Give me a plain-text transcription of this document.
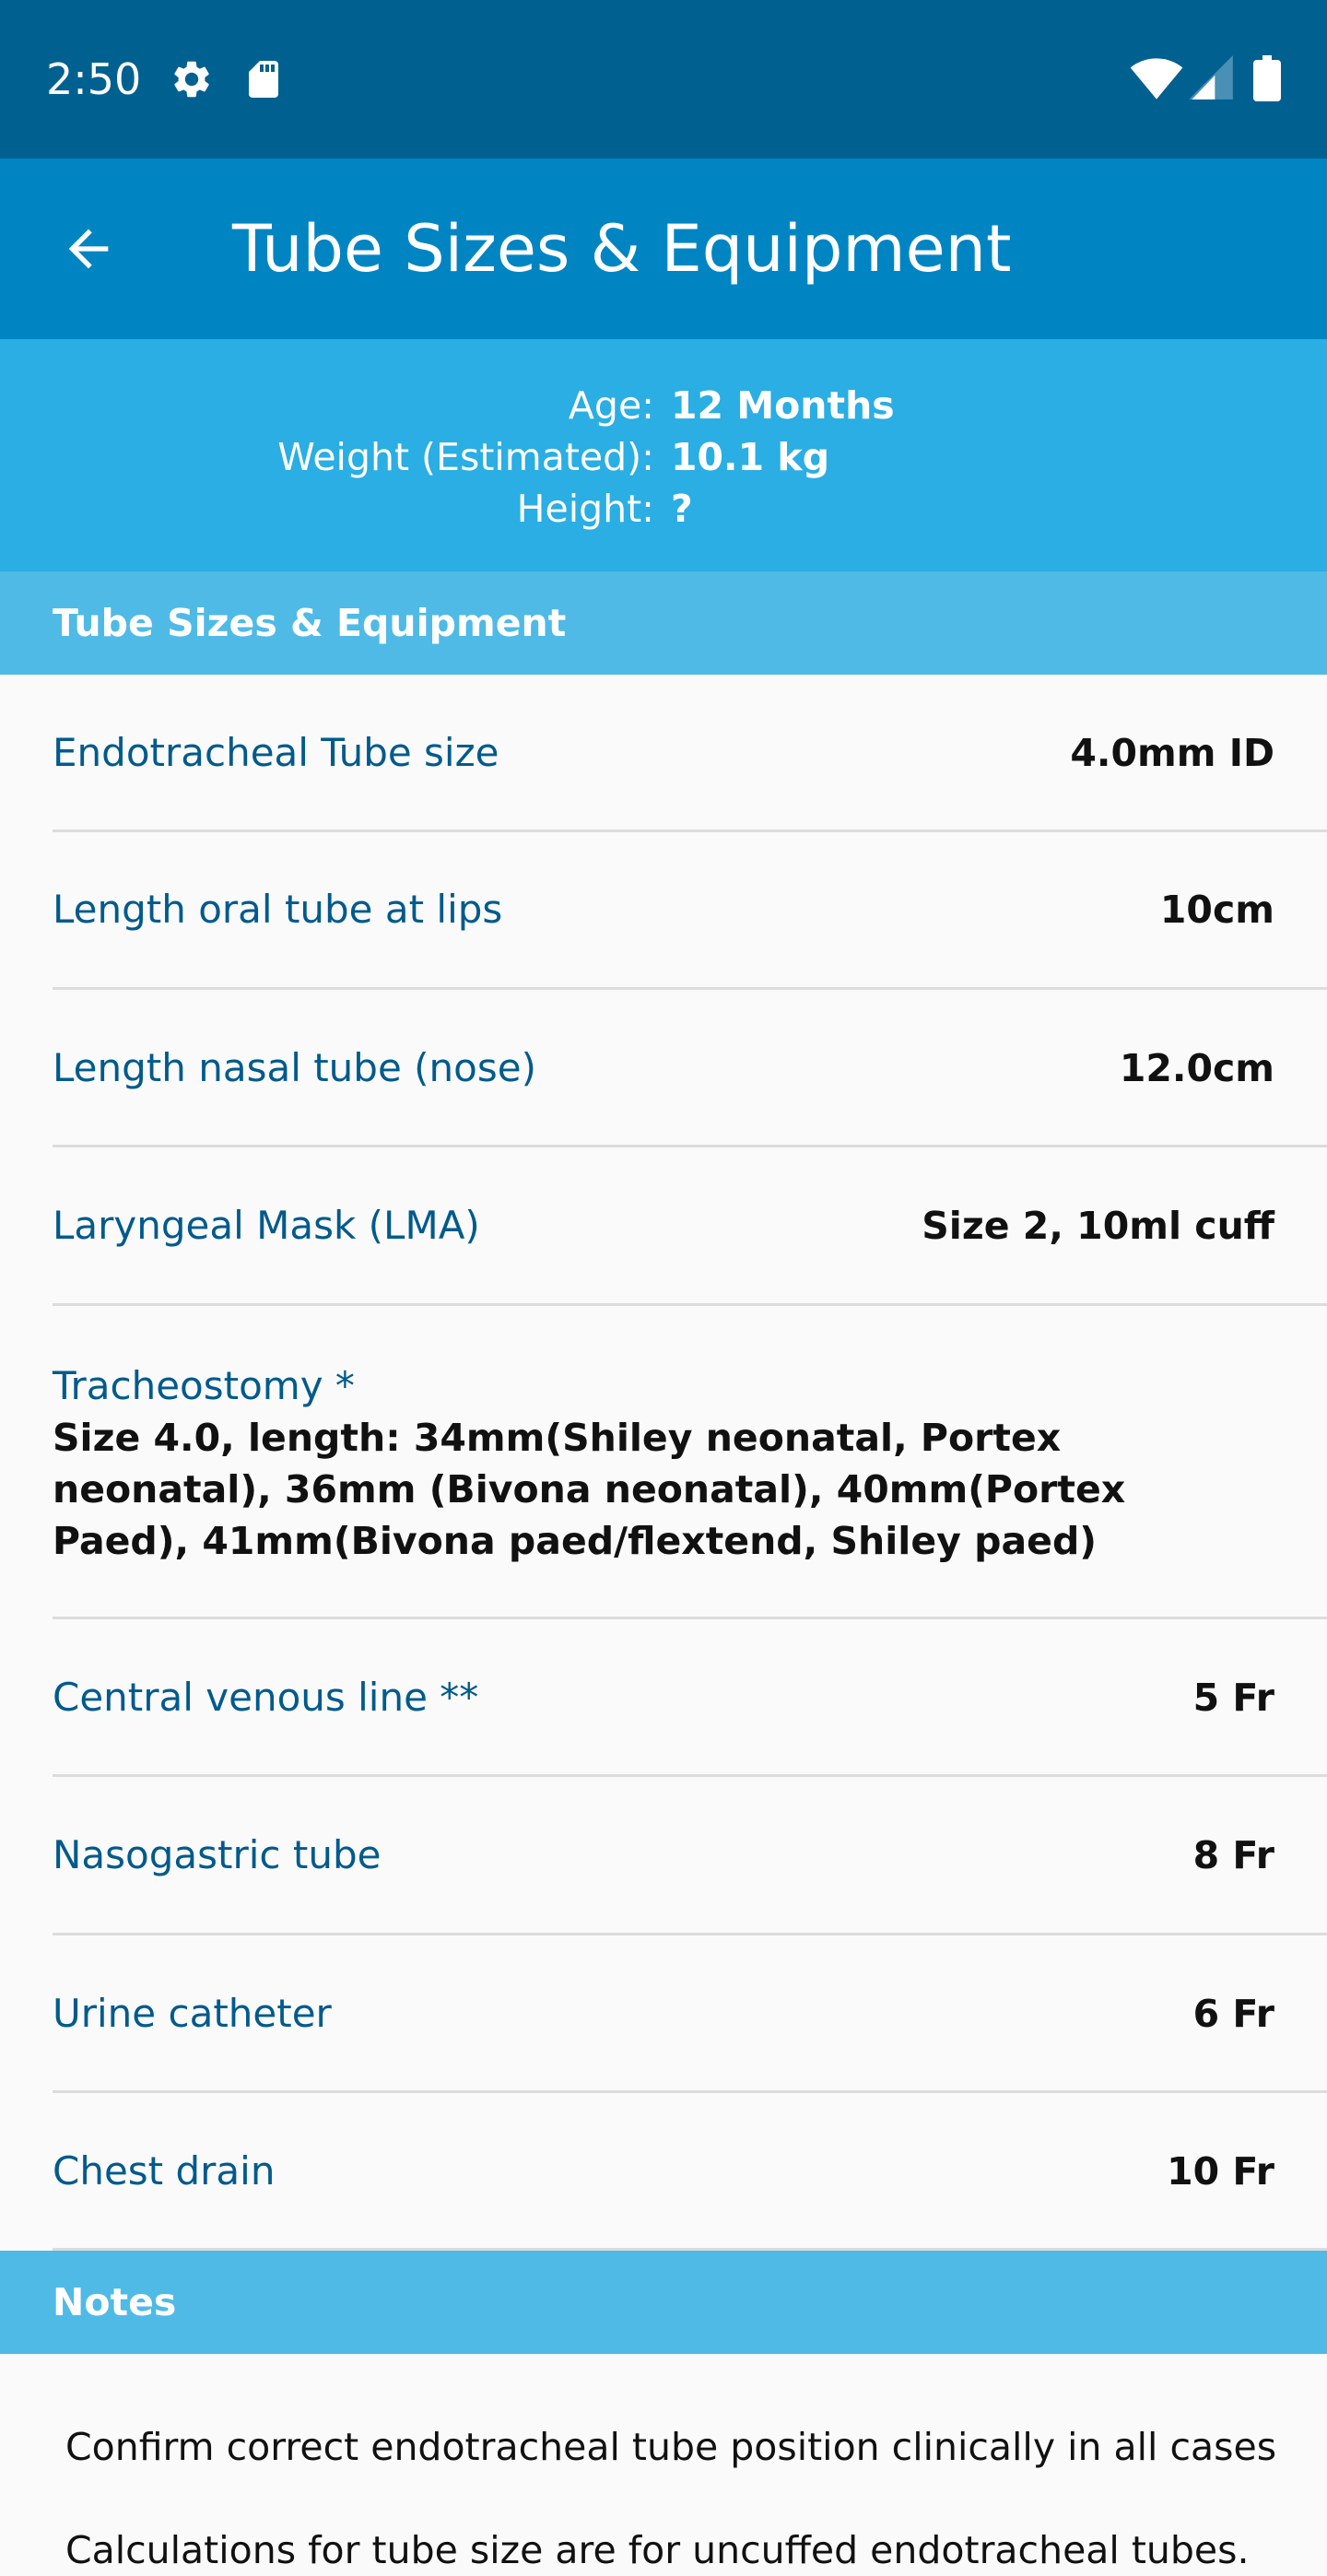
2:50
Tube Sizes & Equipment
Age: 12 Months
Weight (Estimated): 10.1 kg
Height: ?
Tube Sizes & Equipment
Endotracheal Tube size	4.0mm ID
Length oral tube at lips	10cm
Length nasal tube (nose)	12.0cm
Laryngeal Mask (LMA)	Size 2, 10ml cuff
Tracheostomy *
Size 4.0, length: 34mm(Shiley neonatal, Portex neonatal), 36mm (Bivona neonatal), 40mm(Portex Paed), 41mm(Bivona paed/flextend, Shiley paed)
Central venous line **	5 Fr
Nasogastric tube	8 Fr
Urine catheter	6 Fr
Chest drain	10 Fr
Notes
Confirm correct endotracheal tube position clinically in all cases
Calculations for tube size are for uncuffed endotracheal tubes.
